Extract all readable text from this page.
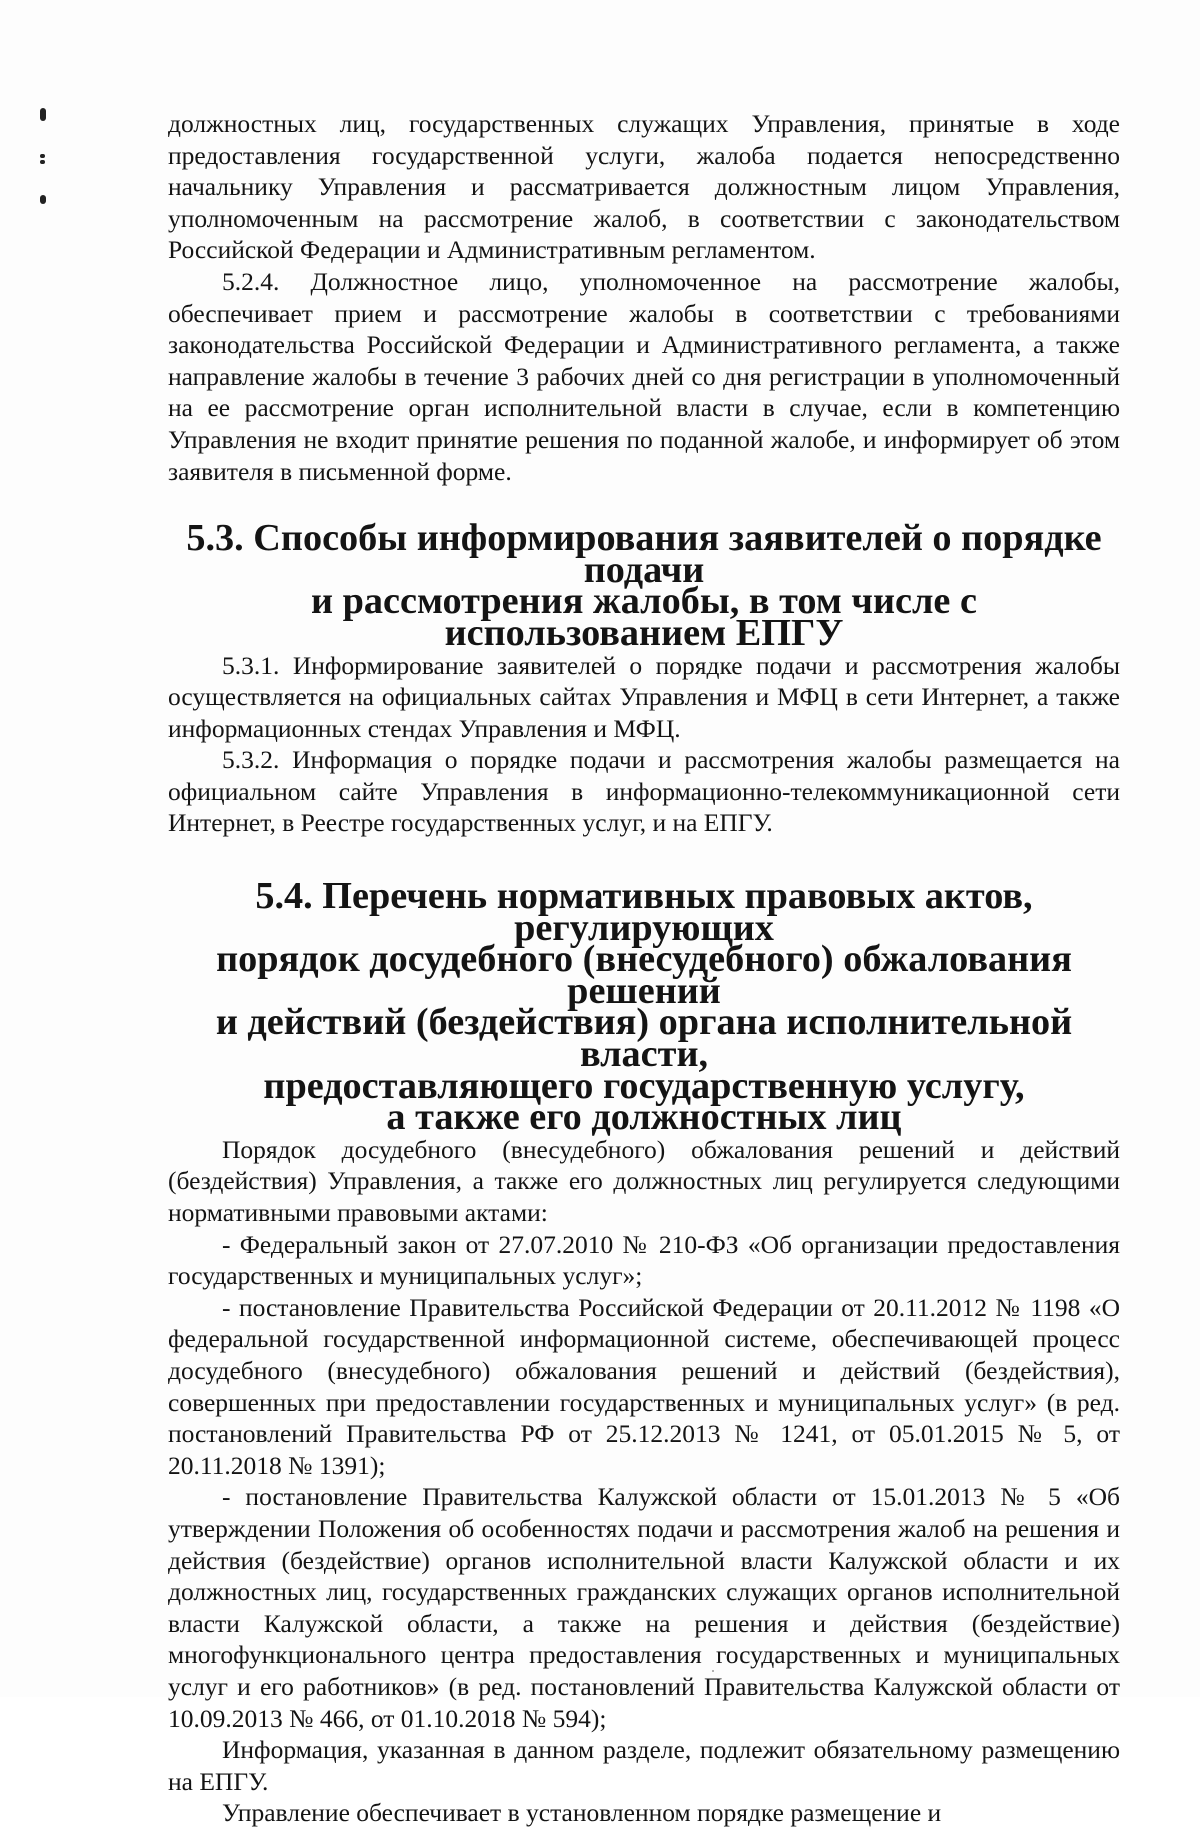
должностных лиц, государственных служащих Управления, принятые в ходе предоставления государственной услуги, жалоба подается непосредственно начальнику Управления и рассматривается должностным лицом Управления, уполномоченным на рассмотрение жалоб, в соответствии с законодательством Российской Федерации и Административным регламентом.

5.2.4. Должностное лицо, уполномоченное на рассмотрение жалобы, обеспечивает прием и рассмотрение жалобы в соответствии с требованиями законодательства Российской Федерации и Административного регламента, а также направление жалобы в течение 3 рабочих дней со дня регистрации в уполномоченный на ее рассмотрение орган исполнительной власти в случае, если в компетенцию Управления не входит принятие решения по поданной жалобе, и информирует об этом заявителя в письменной форме.

5.3. Способы информирования заявителей о порядке подачи
и рассмотрения жалобы, в том числе с использованием ЕПГУ

5.3.1. Информирование заявителей о порядке подачи и рассмотрения жалобы осуществляется на официальных сайтах Управления и МФЦ в сети Интернет, а также информационных стендах Управления и МФЦ.

5.3.2. Информация о порядке подачи и рассмотрения жалобы размещается на официальном сайте Управления в информационно-телекоммуникационной сети Интернет, в Реестре государственных услуг, и на ЕПГУ.

5.4. Перечень нормативных правовых актов, регулирующих
порядок досудебного (внесудебного) обжалования решений
и действий (бездействия) органа исполнительной власти,
предоставляющего государственную услугу,
а также его должностных лиц

Порядок досудебного (внесудебного) обжалования решений и действий (бездействия) Управления, а также его должностных лиц регулируется следующими нормативными правовыми актами:

- Федеральный закон от 27.07.2010 № 210-ФЗ «Об организации предоставления государственных и муниципальных услуг»;

- постановление Правительства Российской Федерации от 20.11.2012 № 1198 «О федеральной государственной информационной системе, обеспечивающей процесс досудебного (внесудебного) обжалования решений и действий (бездействия), совершенных при предоставлении государственных и муниципальных услуг» (в ред. постановлений Правительства РФ от 25.12.2013 № 1241, от 05.01.2015 № 5, от 20.11.2018 № 1391);

- постановление Правительства Калужской области от 15.01.2013 № 5 «Об утверждении Положения об особенностях подачи и рассмотрения жалоб на решения и действия (бездействие) органов исполнительной власти Калужской области и их должностных лиц, государственных гражданских служащих органов исполнительной власти Калужской области, а также на решения и действия (бездействие) многофункционального центра предоставления государственных и муниципальных услуг и его работников» (в ред. постановлений Правительства Калужской области от 10.09.2013 № 466, от 01.10.2018 № 594);

Информация, указанная в данном разделе, подлежит обязательному размещению на ЕПГУ.

Управление обеспечивает в установленном порядке размещение и
